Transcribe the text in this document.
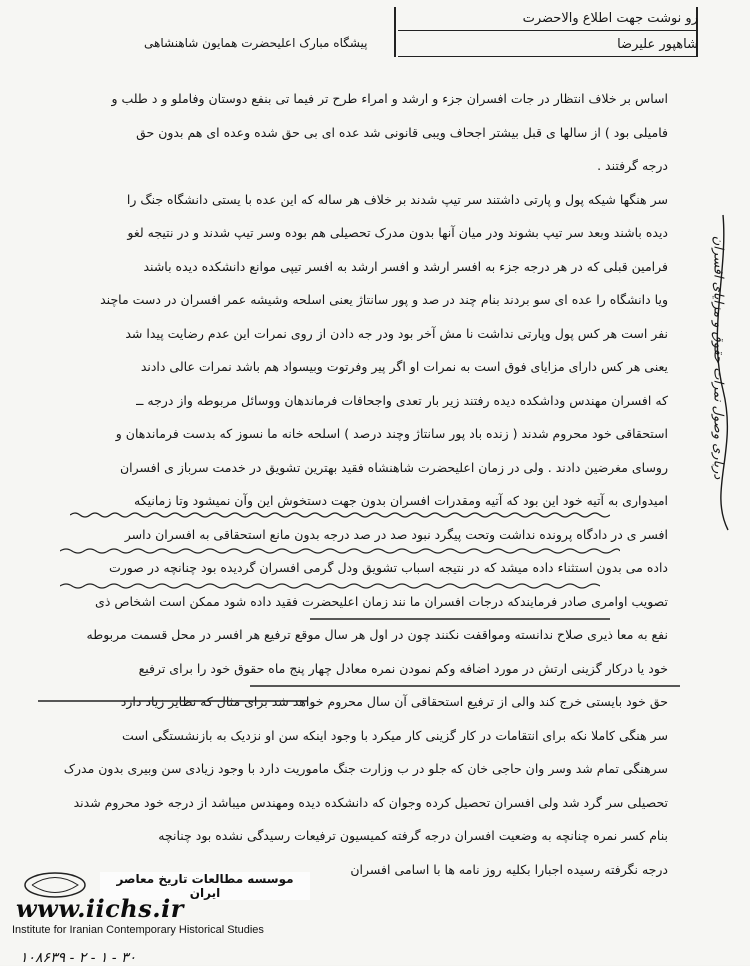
رو نوشت جهت اطلاع والاحضرت
شاهپور علیرضا
پیشگاه مبارک اعلیحضرت همایون شاهنشاهی
اساس بر خلاف انتظار در جات افسران جزء و ارشد و امراء طرح تر فیما تی بنفع دوستان وفاملو و د طلب و
فامیلی بود ) از سالها ی قبل بیشتر اجحاف ویبی قانونی شد عده ای بی حق شده وعده ای هم بدون حق
درجه گرفتند .
سر هنگها شیکه پول و پارتی داشتند سر تیپ شدند بر خلاف هر ساله که این عده با یستی دانشگاه جنگ را
دیده باشند وبعد سر تیپ بشوند ودر میان آنها بدون مدرک تحصیلی هم بوده وسر تیپ شدند و در نتیجه لغو
فرامین قبلی که در هر درجه جزء به افسر ارشد و افسر ارشد به افسر تیپی موانع دانشکده دیده باشند
ویا دانشگاه را عده ای سو بردند بنام چند در صد و پور سانتاژ یعنی اسلحه وشیشه عمر افسران در دست ماچند
نفر است هر کس پول وپارتی نداشت نا مش آخر بود ودر جه دادن از روی نمرات این عدم رضایت پیدا شد
یعنی هر کس دارای مزایای فوق است به نمرات او اگر پیر وفرتوت وبیسواد هم باشد نمرات عالی دادند
که افسران مهندس وداشکده دیده رفتند زیر بار تعدی واجحافات فرماندهان ووسائل مربوطه واز درجه ــ
استحقاقی خود محروم شدند ( زنده باد پور سانتاژ وچند درصد ) اسلحه خانه ما نسوز که بدست فرماندهان و
روسای مغرضین دادند . ولی در زمان اعلیحضرت شاهنشاه فقید بهترین تشویق در خدمت سرباز ی افسران
امیدواری به آتیه خود این بود که آتیه ومقدرات افسران بدون جهت دستخوش این وآن نمیشود وتا زمانیکه
افسر ی در دادگاه پرونده نداشت وتحت پیگرد نبود صد در صد درجه بدون مانع استحقاقی به افسران داسر
داده می بدون استثناء داده میشد که در نتیجه اسباب تشویق ودل گرمی افسران گردیده بود چنانچه در صورت
تصویب اوامری صادر فرمایندکه درجات افسران ما نند زمان اعلیحضرت فقید داده شود ممکن است اشخاص ذی
نفع به معا ذیری صلاح ندانسته ومواقفت نکنند چون در اول هر سال موقع ترفیع هر افسر در محل قسمت مربوطه
خود یا درکار گزینی ارتش در مورد اضافه وکم نمودن نمره معادل چهار پنج ماه حقوق خود را برای ترفیع
حق خود بایستی خرج کند والی از ترفیع استحقاقی آن سال محروم خواهد شد برای مثال که نظایر زیاد دارد
سر هنگی کاملا نکه برای انتقامات در کار گزینی کار میکرد با وجود اینکه سن او نزدیک به بازنشستگی است
سرهنگی تمام شد وسر وان حاجی خان که جلو در ب وزارت جنگ ماموریت دارد با وجود زیادی سن وبیری بدون مدرک
تحصیلی سر گرد شد ولی افسران تحصیل کرده وجوان که دانشکده دیده ومهندس میباشد از درجه خود محروم شدند
بنام کسر نمره چنانچه به وضعیت افسران درجه گرفته کمیسیون ترفیعات رسیدگی نشده بود چنانچه
درجه نگرفته رسیده اجبارا بکلیه روز نامه ها با اسامی افسران
درباری وصول نمرات حقوق و مزایای افسران
موسسه مطالعات تاریخ معاصر ایران
www.iichs.ir
Institute for Iranian Contemporary Historical Studies
۱۰۸۶۳۹ - ۲ - ۱ - ۳۰
